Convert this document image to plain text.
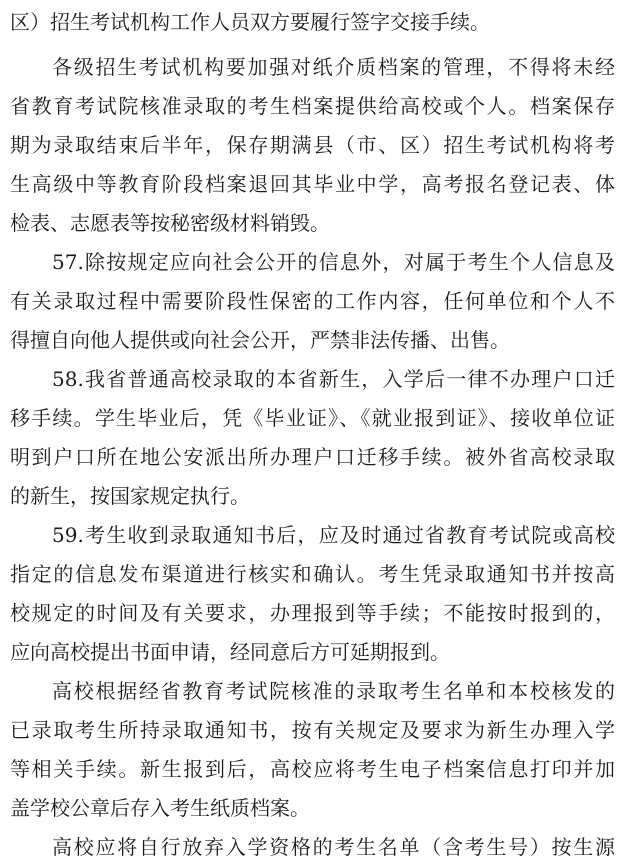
区）招生考试机构工作人员双方要履行签字交接手续。
各级招生考试机构要加强对纸介质档案的管理，不得将未经
省教育考试院核准录取的考生档案提供给高校或个人。档案保存
期为录取结束后半年，保存期满县（市、区）招生考试机构将考
生高级中等教育阶段档案退回其毕业中学，高考报名登记表、体
检表、志愿表等按秘密级材料销毁。
57.除按规定应向社会公开的信息外，对属于考生个人信息及
有关录取过程中需要阶段性保密的工作内容，任何单位和个人不
得擅自向他人提供或向社会公开，严禁非法传播、出售。
58.我省普通高校录取的本省新生，入学后一律不办理户口迁
移手续。学生毕业后，凭《毕业证》、《就业报到证》、接收单位证
明到户口所在地公安派出所办理户口迁移手续。被外省高校录取
的新生，按国家规定执行。
59.考生收到录取通知书后，应及时通过省教育考试院或高校
指定的信息发布渠道进行核实和确认。考生凭录取通知书并按高
校规定的时间及有关要求，办理报到等手续；不能按时报到的，
应向高校提出书面申请，经同意后方可延期报到。
高校根据经省教育考试院核准的录取考生名单和本校核发的
已录取考生所持录取通知书，按有关规定及要求为新生办理入学
等相关手续。新生报到后，高校应将考生电子档案信息打印并加
盖学校公章后存入考生纸质档案。
高校应将自行放弃入学资格的考生名单（含考生号）按生源
